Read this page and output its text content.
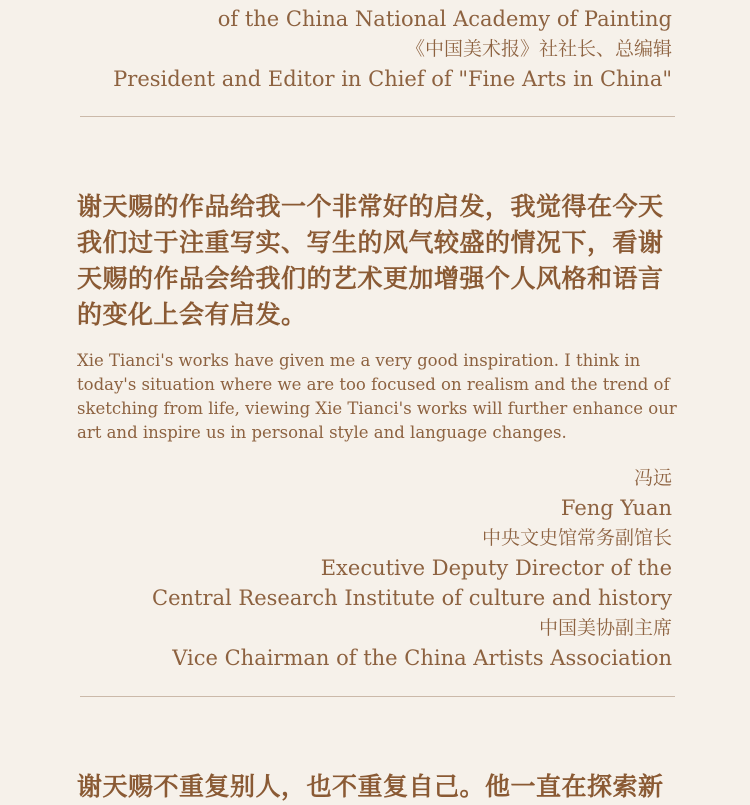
of the China National Academy of Painting
《中国美术报》社社长、总编辑
President and Editor in Chief of "Fine Arts in China"
谢天赐的作品给我一个非常好的启发，我觉得在今天我们过于注重写实、写生的风气较盛的情况下，看谢天赐的作品会给我们的艺术更加增强个人风格和语言的变化上会有启发。
Xie Tianci's works have given me a very good inspiration. I think in today's situation where we are too focused on realism and the trend of sketching from life, viewing Xie Tianci's works will further enhance our art and inspire us in personal style and language changes.
冯远
Feng Yuan
中央文史馆常务副馆长
Executive Deputy Director of the
Central Research Institute of culture and history
中国美协副主席
Vice Chairman of the China Artists Association
谢天赐不重复别人，也不重复自己。他一直在探索新
